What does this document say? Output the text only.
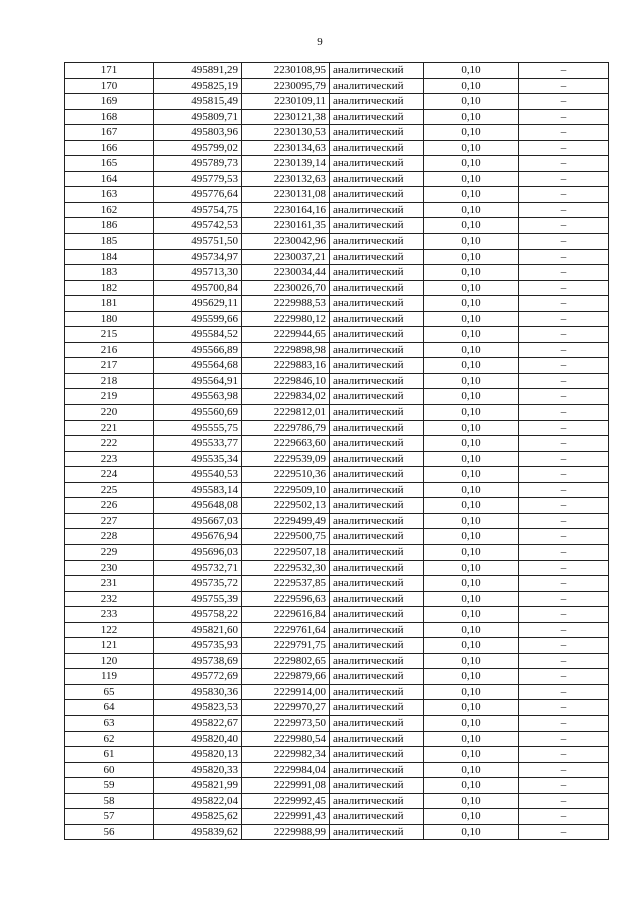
9
171	495891,29	2230108,95	аналитический	0,10	–
170	495825,19	2230095,79	аналитический	0,10	–
169	495815,49	2230109,11	аналитический	0,10	–
168	495809,71	2230121,38	аналитический	0,10	–
167	495803,96	2230130,53	аналитический	0,10	–
166	495799,02	2230134,63	аналитический	0,10	–
165	495789,73	2230139,14	аналитический	0,10	–
164	495779,53	2230132,63	аналитический	0,10	–
163	495776,64	2230131,08	аналитический	0,10	–
162	495754,75	2230164,16	аналитический	0,10	–
186	495742,53	2230161,35	аналитический	0,10	–
185	495751,50	2230042,96	аналитический	0,10	–
184	495734,97	2230037,21	аналитический	0,10	–
183	495713,30	2230034,44	аналитический	0,10	–
182	495700,84	2230026,70	аналитический	0,10	–
181	495629,11	2229988,53	аналитический	0,10	–
180	495599,66	2229980,12	аналитический	0,10	–
215	495584,52	2229944,65	аналитический	0,10	–
216	495566,89	2229898,98	аналитический	0,10	–
217	495564,68	2229883,16	аналитический	0,10	–
218	495564,91	2229846,10	аналитический	0,10	–
219	495563,98	2229834,02	аналитический	0,10	–
220	495560,69	2229812,01	аналитический	0,10	–
221	495555,75	2229786,79	аналитический	0,10	–
222	495533,77	2229663,60	аналитический	0,10	–
223	495535,34	2229539,09	аналитический	0,10	–
224	495540,53	2229510,36	аналитический	0,10	–
225	495583,14	2229509,10	аналитический	0,10	–
226	495648,08	2229502,13	аналитический	0,10	–
227	495667,03	2229499,49	аналитический	0,10	–
228	495676,94	2229500,75	аналитический	0,10	–
229	495696,03	2229507,18	аналитический	0,10	–
230	495732,71	2229532,30	аналитический	0,10	–
231	495735,72	2229537,85	аналитический	0,10	–
232	495755,39	2229596,63	аналитический	0,10	–
233	495758,22	2229616,84	аналитический	0,10	–
122	495821,60	2229761,64	аналитический	0,10	–
121	495735,93	2229791,75	аналитический	0,10	–
120	495738,69	2229802,65	аналитический	0,10	–
119	495772,69	2229879,66	аналитический	0,10	–
65	495830,36	2229914,00	аналитический	0,10	–
64	495823,53	2229970,27	аналитический	0,10	–
63	495822,67	2229973,50	аналитический	0,10	–
62	495820,40	2229980,54	аналитический	0,10	–
61	495820,13	2229982,34	аналитический	0,10	–
60	495820,33	2229984,04	аналитический	0,10	–
59	495821,99	2229991,08	аналитический	0,10	–
58	495822,04	2229992,45	аналитический	0,10	–
57	495825,62	2229991,43	аналитический	0,10	–
56	495839,62	2229988,99	аналитический	0,10	–
